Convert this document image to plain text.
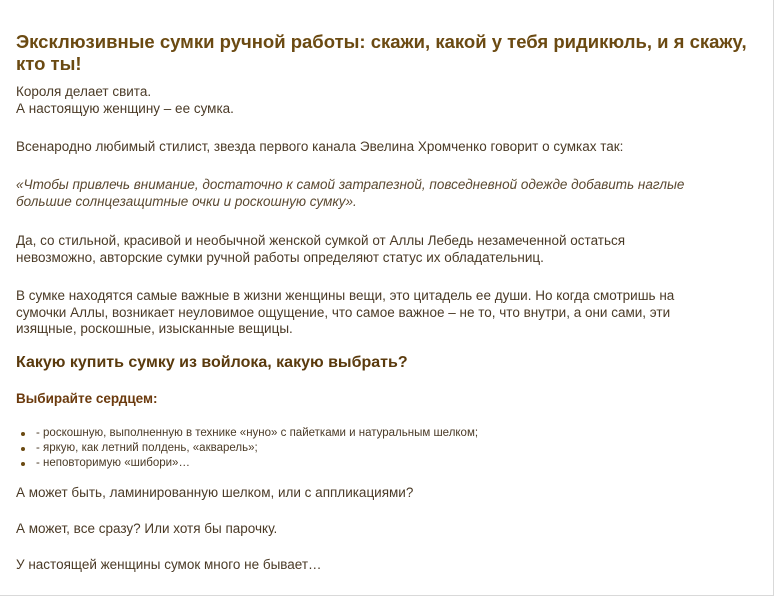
Эксклюзивные сумки ручной работы: скажи, какой у тебя ридикюль, и я скажу, кто ты!

Короля делает свита.

А настоящую женщину – ее сумка.

Всенародно любимый стилист, звезда первого канала Эвелина Хромченко говорит о сумках так:

«Чтобы привлечь внимание, достаточно к самой затрапезной, повседневной одежде добавить наглые большие солнцезащитные очки и роскошную сумку».

Да, со стильной, красивой и необычной женской сумкой от Аллы Лебедь незамеченной остаться невозможно, авторские сумки ручной работы определяют статус их обладательниц.

В сумке находятся самые важные в жизни женщины вещи, это цитадель ее души. Но когда смотришь на сумочки Аллы, возникает неуловимое ощущение, что самое важное – не то, что внутри, а они сами, эти изящные, роскошные, изысканные вещицы.

Какую купить сумку из войлока, какую выбрать?
Выбирайте сердцем:
- роскошную, выполненную в технике «нуно» с пайетками и натуральным шелком;
- яркую, как летний полдень, «акварель»;
- неповторимую «шибори»…

А может быть, ламинированную шелком, или с аппликациями?

А может, все сразу? Или хотя бы парочку.

У настоящей женщины сумок много не бывает…
